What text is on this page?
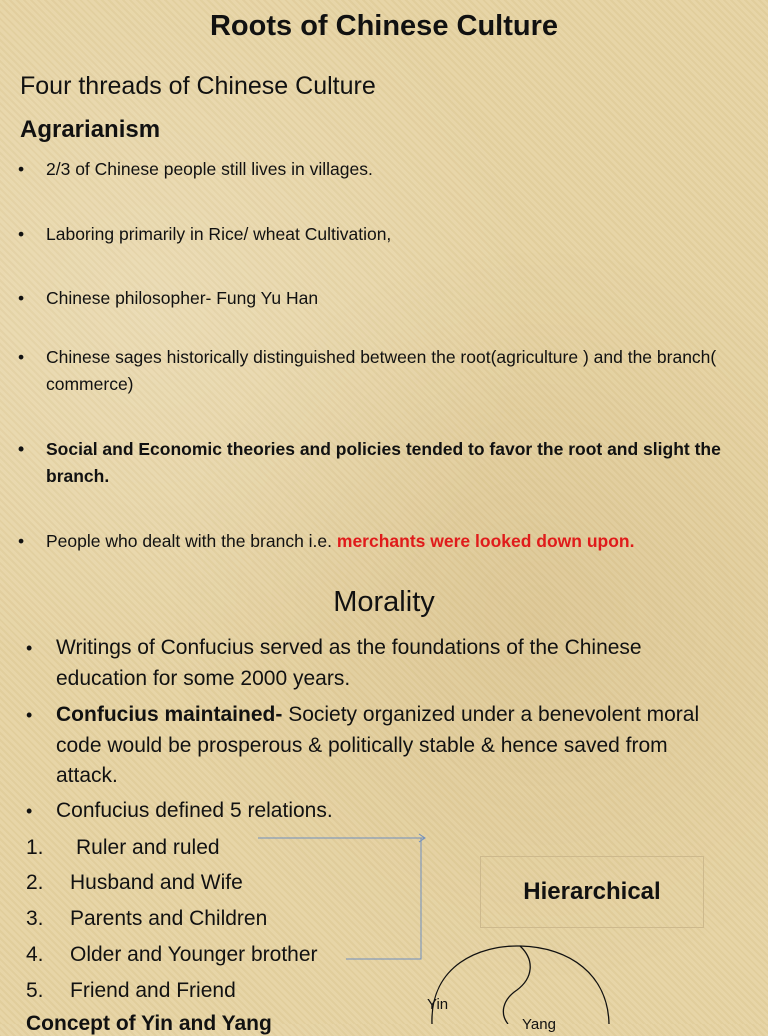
Roots of Chinese Culture
Four threads of Chinese Culture
Agrarianism
• 2/3 of Chinese people still lives in villages.
• Laboring primarily in Rice/ wheat Cultivation,
• Chinese philosopher- Fung Yu Han
• Chinese sages historically distinguished between the root(agriculture ) and the branch( commerce)
• Social and Economic theories and policies tended to favor the root and slight the branch.
• People who dealt with the branch i.e. merchants were looked down upon.
Morality
• Writings of Confucius served as the foundations of the Chinese education for some 2000 years.
• Confucius maintained- Society organized under a benevolent moral code would be prosperous & politically stable & hence saved from attack.
• Confucius defined 5 relations.
1. Ruler and ruled
2. Husband and Wife
3. Parents and Children
4. Older and Younger brother
5. Friend and Friend
Hierarchical
Yin
Yang
Concept of Yin and Yang
